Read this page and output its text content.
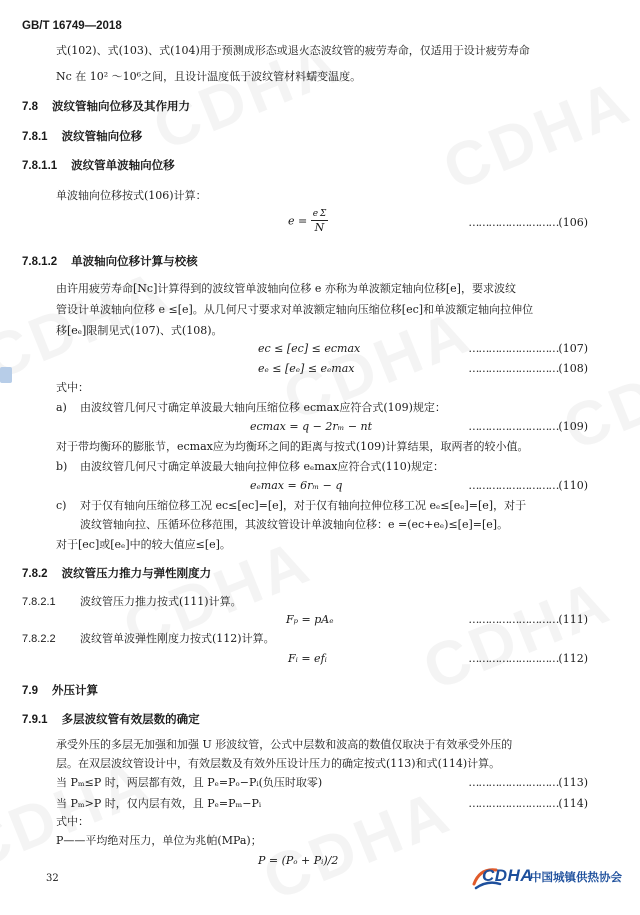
GB/T 16749—2018
式(102)、式(103)、式(104)用于预测成形态或退火态波纹管的疲劳寿命，仅适用于设计疲劳寿命
Nc 在 10² ～10⁶之间，且设计温度低于波纹管材料蠕变温度。
7.8 波纹管轴向位移及其作用力
7.8.1 波纹管轴向位移
7.8.1.1 波纹管单波轴向位移
单波轴向位移按式(106)计算：
$e = \frac{\text{e Σ}}{N}$	………………………(106)
7.8.1.2 单波轴向位移计算与校核
由许用疲劳寿命[Nc]计算得到的波纹管单波轴向位移 e 亦称为单波额定轴向位移[e]，要求波纹
管设计单波轴向位移 e ≤[e]。从几何尺寸要求对单波额定轴向压缩位移[ec]和单波额定轴向拉伸位
移[eₑ]限制见式(107)、式(108)。
ec ≤ [ec] ≤ ecmax	………………………(107)
eₑ ≤ [eₑ] ≤ eₑmax	………………………(108)
式中：
a) 由波纹管几何尺寸确定单波最大轴向压缩位移 ecmax应符合式(109)规定：
ecmax = q − 2rₘ − nt	………………………(109)
对于带均衡环的膨胀节，ecmax应为均衡环之间的距离与按式(109)计算结果，取两者的较小值。
b) 由波纹管几何尺寸确定单波最大轴向拉伸位移 eₑmax应符合式(110)规定：
eₑmax = 6rₘ − q	………………………(110)
c) 对于仅有轴向压缩位移工况 ec≤[ec]=[e]，对于仅有轴向拉伸位移工况 eₑ≤[eₑ]=[e]，对于
波纹管轴向拉、压循环位移范围，其波纹管设计单波轴向位移：e =(ec+eₑ)≤[e]=[e]。
对于[ec]或[eₑ]中的较大值应≤[e]。
7.8.2 波纹管压力推力与弹性刚度力
7.8.2.1 波纹管压力推力按式(111)计算。
Fₚ = pAₑ	………………………(111)
7.8.2.2 波纹管单波弹性刚度力按式(112)计算。
Fᵢ = efᵢ	………………………(112)
7.9 外压计算
7.9.1 多层波纹管有效层数的确定
承受外压的多层无加强和加强 U 形波纹管，公式中层数和波高的数值仅取决于有效承受外压的
层。在双层波纹管设计中，有效层数及有效外压设计压力的确定按式(113)和式(114)计算。
当 Pₘ≤P 时，两层都有效，且 Pₑ=Pₒ−Pᵢ(负压时取零)	………………………(113)
当 Pₘ>P 时，仅内层有效，且 Pₑ=Pₘ−Pᵢ	………………………(114)
式中：
P——平均绝对压力，单位为兆帕(MPa)；
P = (Pₒ + Pᵢ)/2
32	CDHA
中国城镇供热协会
